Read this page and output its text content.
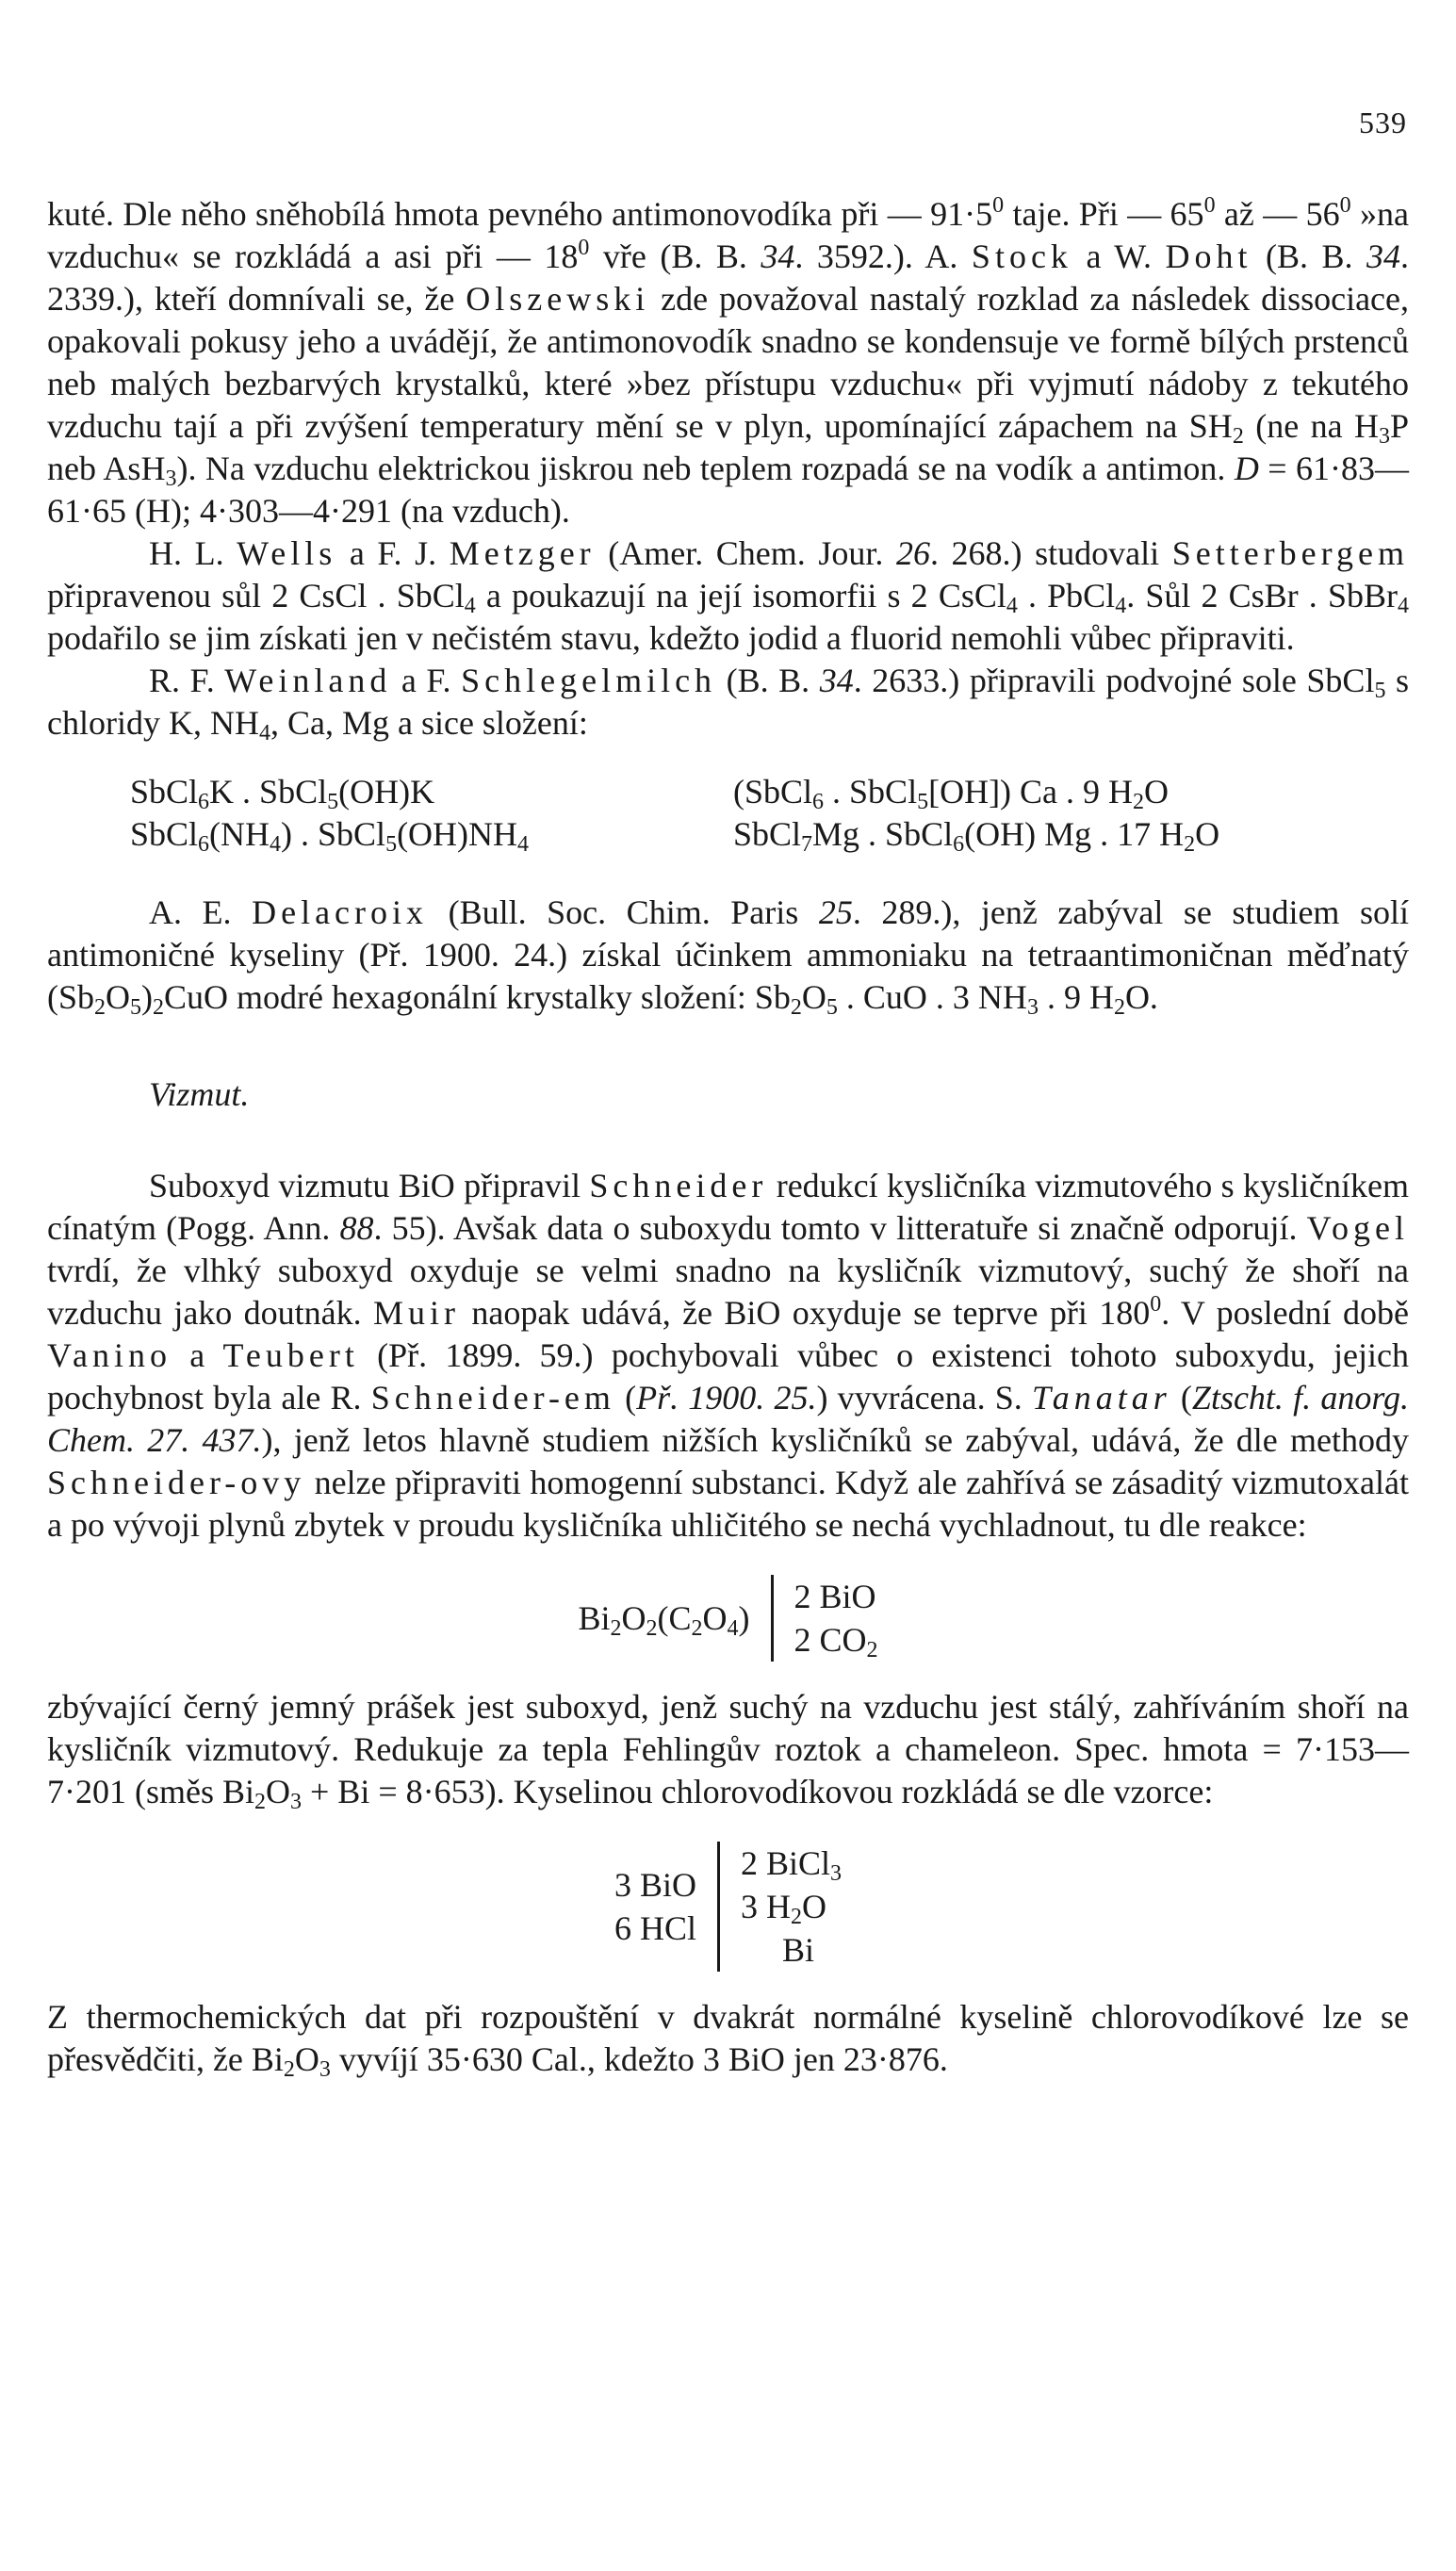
539
kuté. Dle něho sněhobílá hmota pevného antimonovodíka při — $91\cdot 5^0$ taje. Při — $65^0$ až — $56^0$ »na vzduchu« se rozkládá a asi při — $18^0$ vře (B. B. 34. 3592.). A. Stock a W. Doht (B. B. 34. 2339.), kteří domnívali se, že Olszewski zde považoval nastalý rozklad za následek dissociace, opakovali pokusy jeho a uvádějí, že antimonovodík snadno se kondensuje ve formě bílých prstenců neb malých bezbarvých krystalků, které »bez přístupu vzduchu« při vyjmutí nádoby z tekutého vzduchu tají a při zvýšení temperatury mění se v plyn, upomínající zápachem na $SH_2$ (ne na $H_3P$ neb AsH$_3$). Na vzduchu elektrickou jiskrou neb teplem rozpadá se na vodík a antimon. D = 61·83—61·65 (H); 4·303—4·291 (na vzduch).
H. L. Wells a F. J. Metzger (Amer. Chem. Jour. 26. 268.) studovali Setterbergem připravenou sůl 2 CsCl . SbCl$_4$ a poukazují na její isomorfii s 2 CsCl$_4$ . PbCl$_4$. Sůl 2 CsBr . SbBr$_4$ podařilo se jim získati jen v nečistém stavu, kdežto jodid a fluorid nemohli vůbec připraviti.
R. F. Weinland a F. Schlegelmilch (B. B. 34. 2633.) připravili podvojné sole SbCl$_5$ s chloridy K, $NH_4$, Ca, Mg a sice složení:
SbCl$_6$K . SbCl$_5$(OH)K	(SbCl$_6$ . SbCl$_5$[OH]) Ca . 9 $H_2O$
$SbCl_6(NH_4)$ . $SbCl_5(OH)NH_4$	SbCl$_7$Mg . SbCl$_6$(OH) Mg . 17 $H_2O$
A. E. Delacroix (Bull. Soc. Chim. Paris 25. 289.), jenž zabýval se studiem solí antimoničné kyseliny (Př. 1900. 24.) získal účinkem ammoniaku na tetraantimoničnan měďnatý $(Sb_2O_5)_2CuO$ modré hexagonální krystalky složení: $Sb_2O_5$ . CuO . 3 $NH_3$ . 9 $H_2O$.
Vizmut.
Suboxyd vizmutu BiO připravil Schneider redukcí kysličníka vizmutového s kysličníkem cínatým (Pogg. Ann. 88. 55). Avšak data o suboxydu tomto v litteratuře si značně odporují. Vogel tvrdí, že vlhký suboxyd oxyduje se velmi snadno na kysličník vizmutový, suchý že shoří na vzduchu jako doutnák. Muir naopak udává, že BiO oxyduje se teprve při $180^0$. V poslední době Vanino a Teubert (Př. 1899. 59.) pochybovali vůbec o existenci tohoto suboxydu, jejich pochybnost byla ale R. Schneider-em (Př. 1900. 25.) vyvrácena. S. Tanatar (Ztscht. f. anorg. Chem. 27. 437.), jenž letos hlavně studiem nižších kysličníků se zabýval, udává, že dle methody Schneider-ovy nelze připraviti homogenní substanci. Když ale zahřívá se zásaditý vizmutoxalát a po vývoji plynů zbytek v proudu kysličníka uhličitého se nechá vychladnout, tu dle reakce:
$Bi_2O_2(C_2O_4)$
2 BiO
2 $CO_2$
zbývající černý jemný prášek jest suboxyd, jenž suchý na vzduchu jest stálý, zahříváním shoří na kysličník vizmutový. Redukuje za tepla Fehlingův roztok a chameleon. Spec. hmota = 7·153—7·201 (směs $Bi_2O_3 + Bi = 8\cdot 653$). Kyselinou chlorovodíkovou rozkládá se dle vzorce:
3 BiO
6 HCl
2 BiCl$_3$
3 $H_2O$
Bi
Z thermochemických dat při rozpouštění v dvakrát normálné kyselině chlorovodíkové lze se přesvědčiti, že $Bi_2O_3$ vyvíjí 35·630 Cal., kdežto 3 BiO jen 23·876.
